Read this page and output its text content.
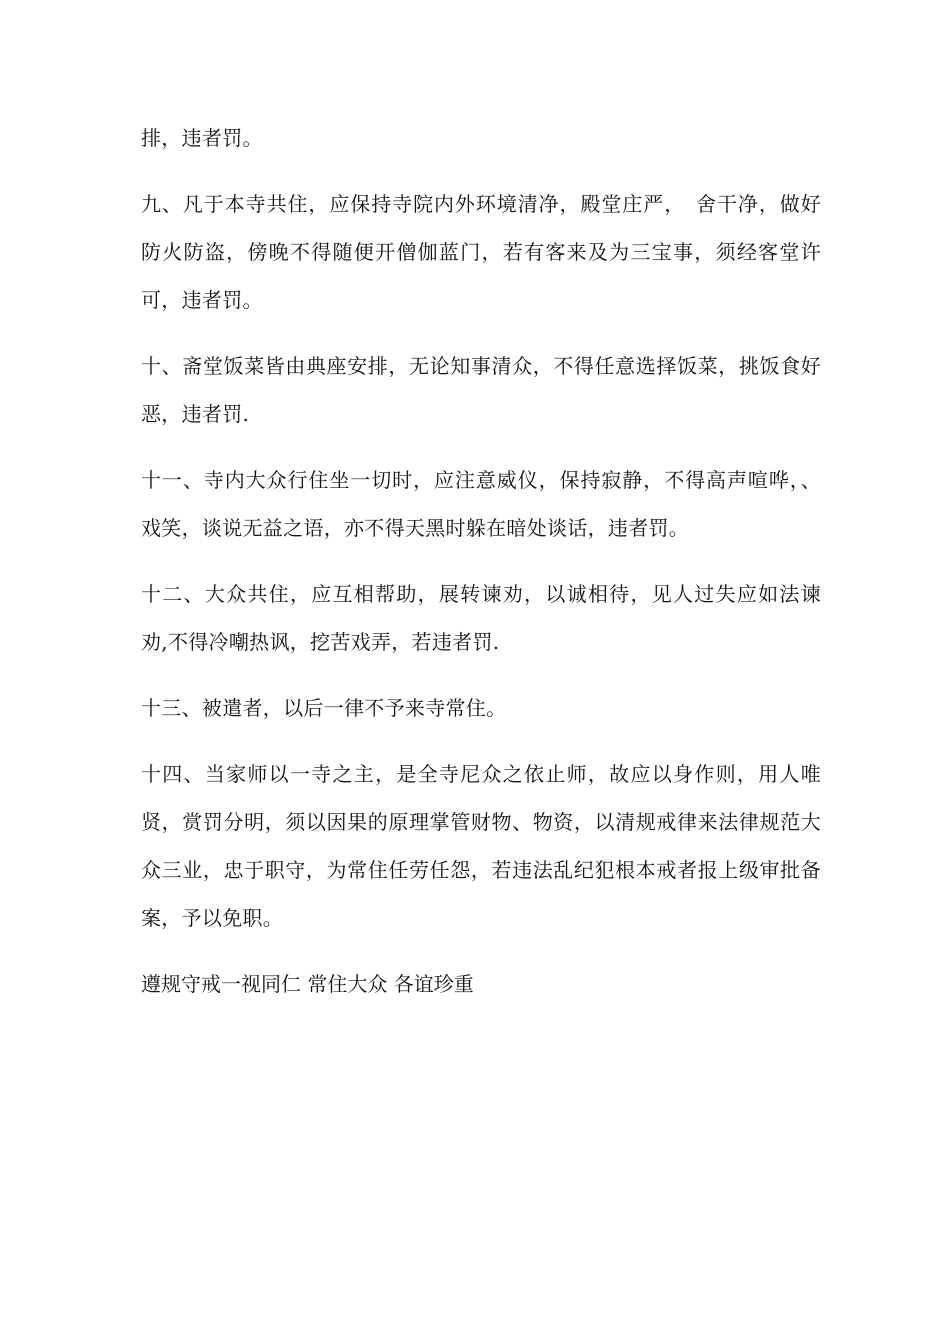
排，违者罚。

九、凡于本寺共住，应保持寺院内外环境清净，殿堂庄严，　舍干净，做好
防火防盗，傍晚不得随便开僧伽蓝门，若有客来及为三宝事，须经客堂许
可，违者罚。

十、斋堂饭菜皆由典座安排，无论知事清众，不得任意选择饭菜，挑饭食好
恶，违者罚.

十一、寺内大众行住坐一切时，应注意威仪，保持寂静，不得高声喧哗，、
戏笑，谈说无益之语，亦不得天黑时躲在暗处谈话，违者罚。

十二、大众共住，应互相帮助，展转谏劝，以诚相待，见人过失应如法谏
劝,不得冷嘲热讽，挖苦戏弄，若违者罚.

十三、被遣者，以后一律不予来寺常住。

十四、当家师以一寺之主，是全寺尼众之依止师，故应以身作则，用人唯
贤，赏罚分明，须以因果的原理掌管财物、物资，以清规戒律来法律规范大
众三业，忠于职守，为常住任劳任怨，若违法乱纪犯根本戒者报上级审批备
案，予以免职。

遵规守戒一视同仁 常住大众 各谊珍重
